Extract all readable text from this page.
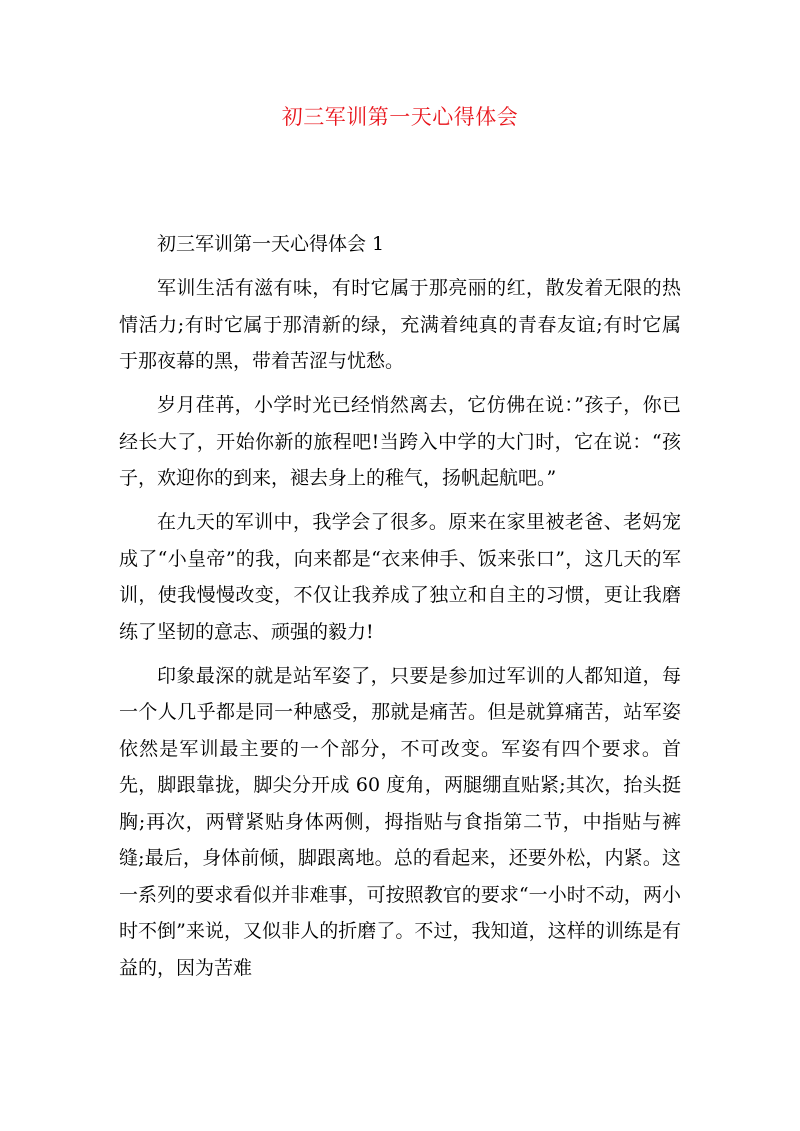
初三军训第一天心得体会

初三军训第一天心得体会 1

军训生活有滋有味，有时它属于那亮丽的红，散发着无限的热情活力;有时它属于那清新的绿，充满着纯真的青春友谊;有时它属于那夜幕的黑，带着苦涩与忧愁。

岁月荏苒，小学时光已经悄然离去，它仿佛在说：”孩子，你已经长大了，开始你新的旅程吧!当跨入中学的大门时，它在说：“孩子，欢迎你的到来，褪去身上的稚气，扬帆起航吧。”

在九天的军训中，我学会了很多。原来在家里被老爸、老妈宠成了“小皇帝”的我，向来都是“衣来伸手、饭来张口”，这几天的军训，使我慢慢改变，不仅让我养成了独立和自主的习惯，更让我磨练了坚韧的意志、顽强的毅力!

印象最深的就是站军姿了，只要是参加过军训的人都知道，每一个人几乎都是同一种感受，那就是痛苦。但是就算痛苦，站军姿依然是军训最主要的一个部分，不可改变。军姿有四个要求。首先，脚跟靠拢，脚尖分开成 60 度角，两腿绷直贴紧;其次，抬头挺胸;再次，两臂紧贴身体两侧，拇指贴与食指第二节，中指贴与裤缝;最后，身体前倾，脚跟离地。总的看起来，还要外松，内紧。这一系列的要求看似并非难事，可按照教官的要求“一小时不动，两小时不倒”来说，又似非人的折磨了。不过，我知道，这样的训练是有益的，因为苦难
